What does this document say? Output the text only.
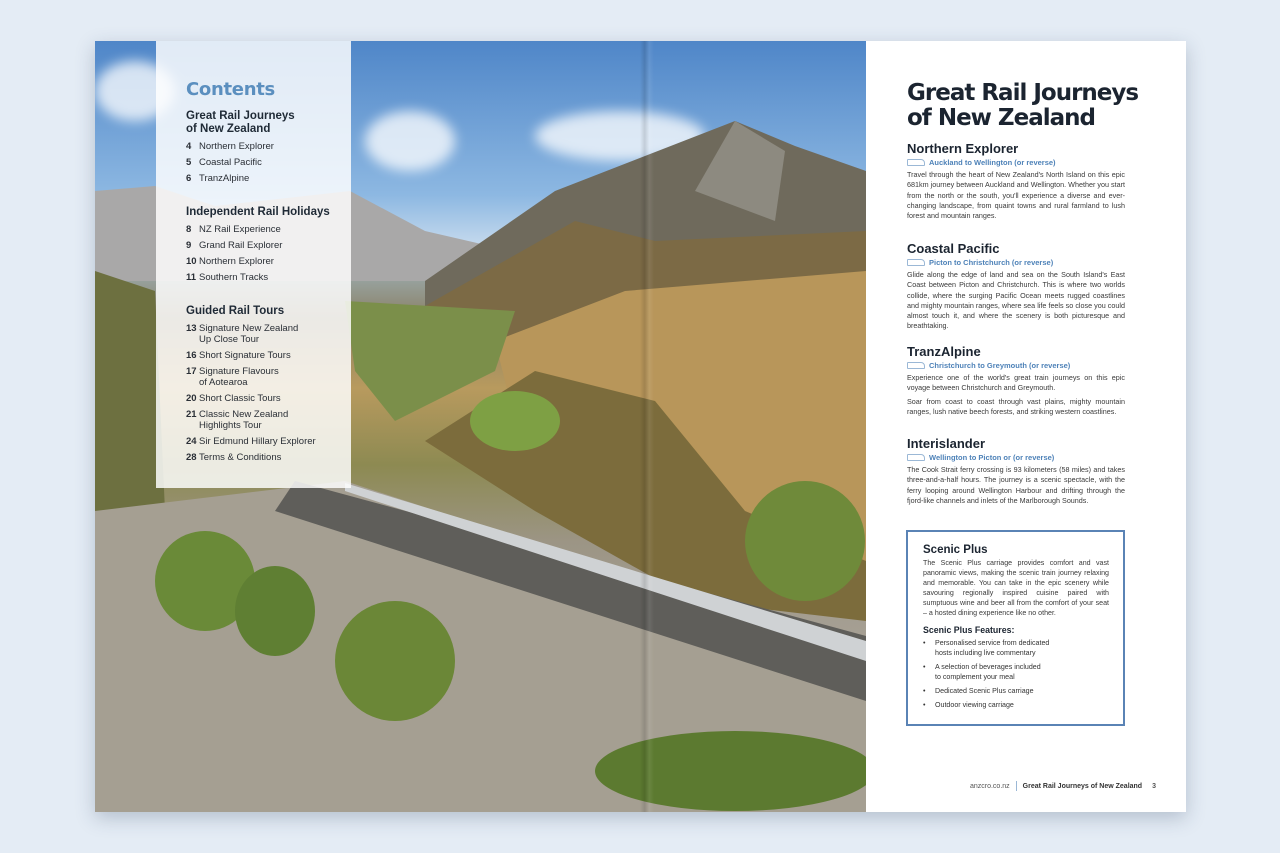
Contents
Great Rail Journeys
of New Zealand
4 Northern Explorer
5 Coastal Pacific
6 TranzAlpine
Independent Rail Holidays
8 NZ Rail Experience
9 Grand Rail Explorer
10 Northern Explorer
11 Southern Tracks
Guided Rail Tours
13 Signature New Zealand
Up Close Tour
16 Short Signature Tours
17 Signature Flavours
of Aotearoa
20 Short Classic Tours
21 Classic New Zealand
Highlights Tour
24 Sir Edmund Hillary Explorer
28 Terms & Conditions
Great Rail Journeys
of New Zealand
Northern Explorer
Auckland to Wellington (or reverse)

Travel through the heart of New Zealand's North Island on this epic 681km journey between Auckland and Wellington. Whether you start from the north or the south, you'll experience a diverse and ever-changing landscape, from quaint towns and rural farmland to lush forest and mountain ranges.

Coastal Pacific
Picton to Christchurch (or reverse)

Glide along the edge of land and sea on the South Island's East Coast between Picton and Christchurch. This is where two worlds collide, where the surging Pacific Ocean meets rugged coastlines and mighty mountain ranges, where sea life feels so close you could almost touch it, and where the scenery is both picturesque and breathtaking.

TranzAlpine
Christchurch to Greymouth (or reverse)

Experience one of the world's great train journeys on this epic voyage between Christchurch and Greymouth.

Soar from coast to coast through vast plains, mighty mountain ranges, lush native beech forests, and striking western coastlines.

Interislander
Wellington to Picton or (or reverse)

The Cook Strait ferry crossing is 93 kilometers (58 miles) and takes three-and-a-half hours. The journey is a scenic spectacle, with the ferry looping around Wellington Harbour and drifting through the fjord-like channels and inlets of the Marlborough Sounds.

Scenic Plus

The Scenic Plus carriage provides comfort and vast panoramic views, making the scenic train journey relaxing and memorable. You can take in the epic scenery while savouring regionally inspired cuisine paired with sumptuous wine and beer all from the comfort of your seat – a hosted dining experience like no other.

Scenic Plus Features:
• Personalised service from dedicated
hosts including live commentary
• A selection of beverages included
to complement your meal
• Dedicated Scenic Plus carriage
• Outdoor viewing carriage
anzcro.co.nz Great Rail Journeys of New Zealand 3
